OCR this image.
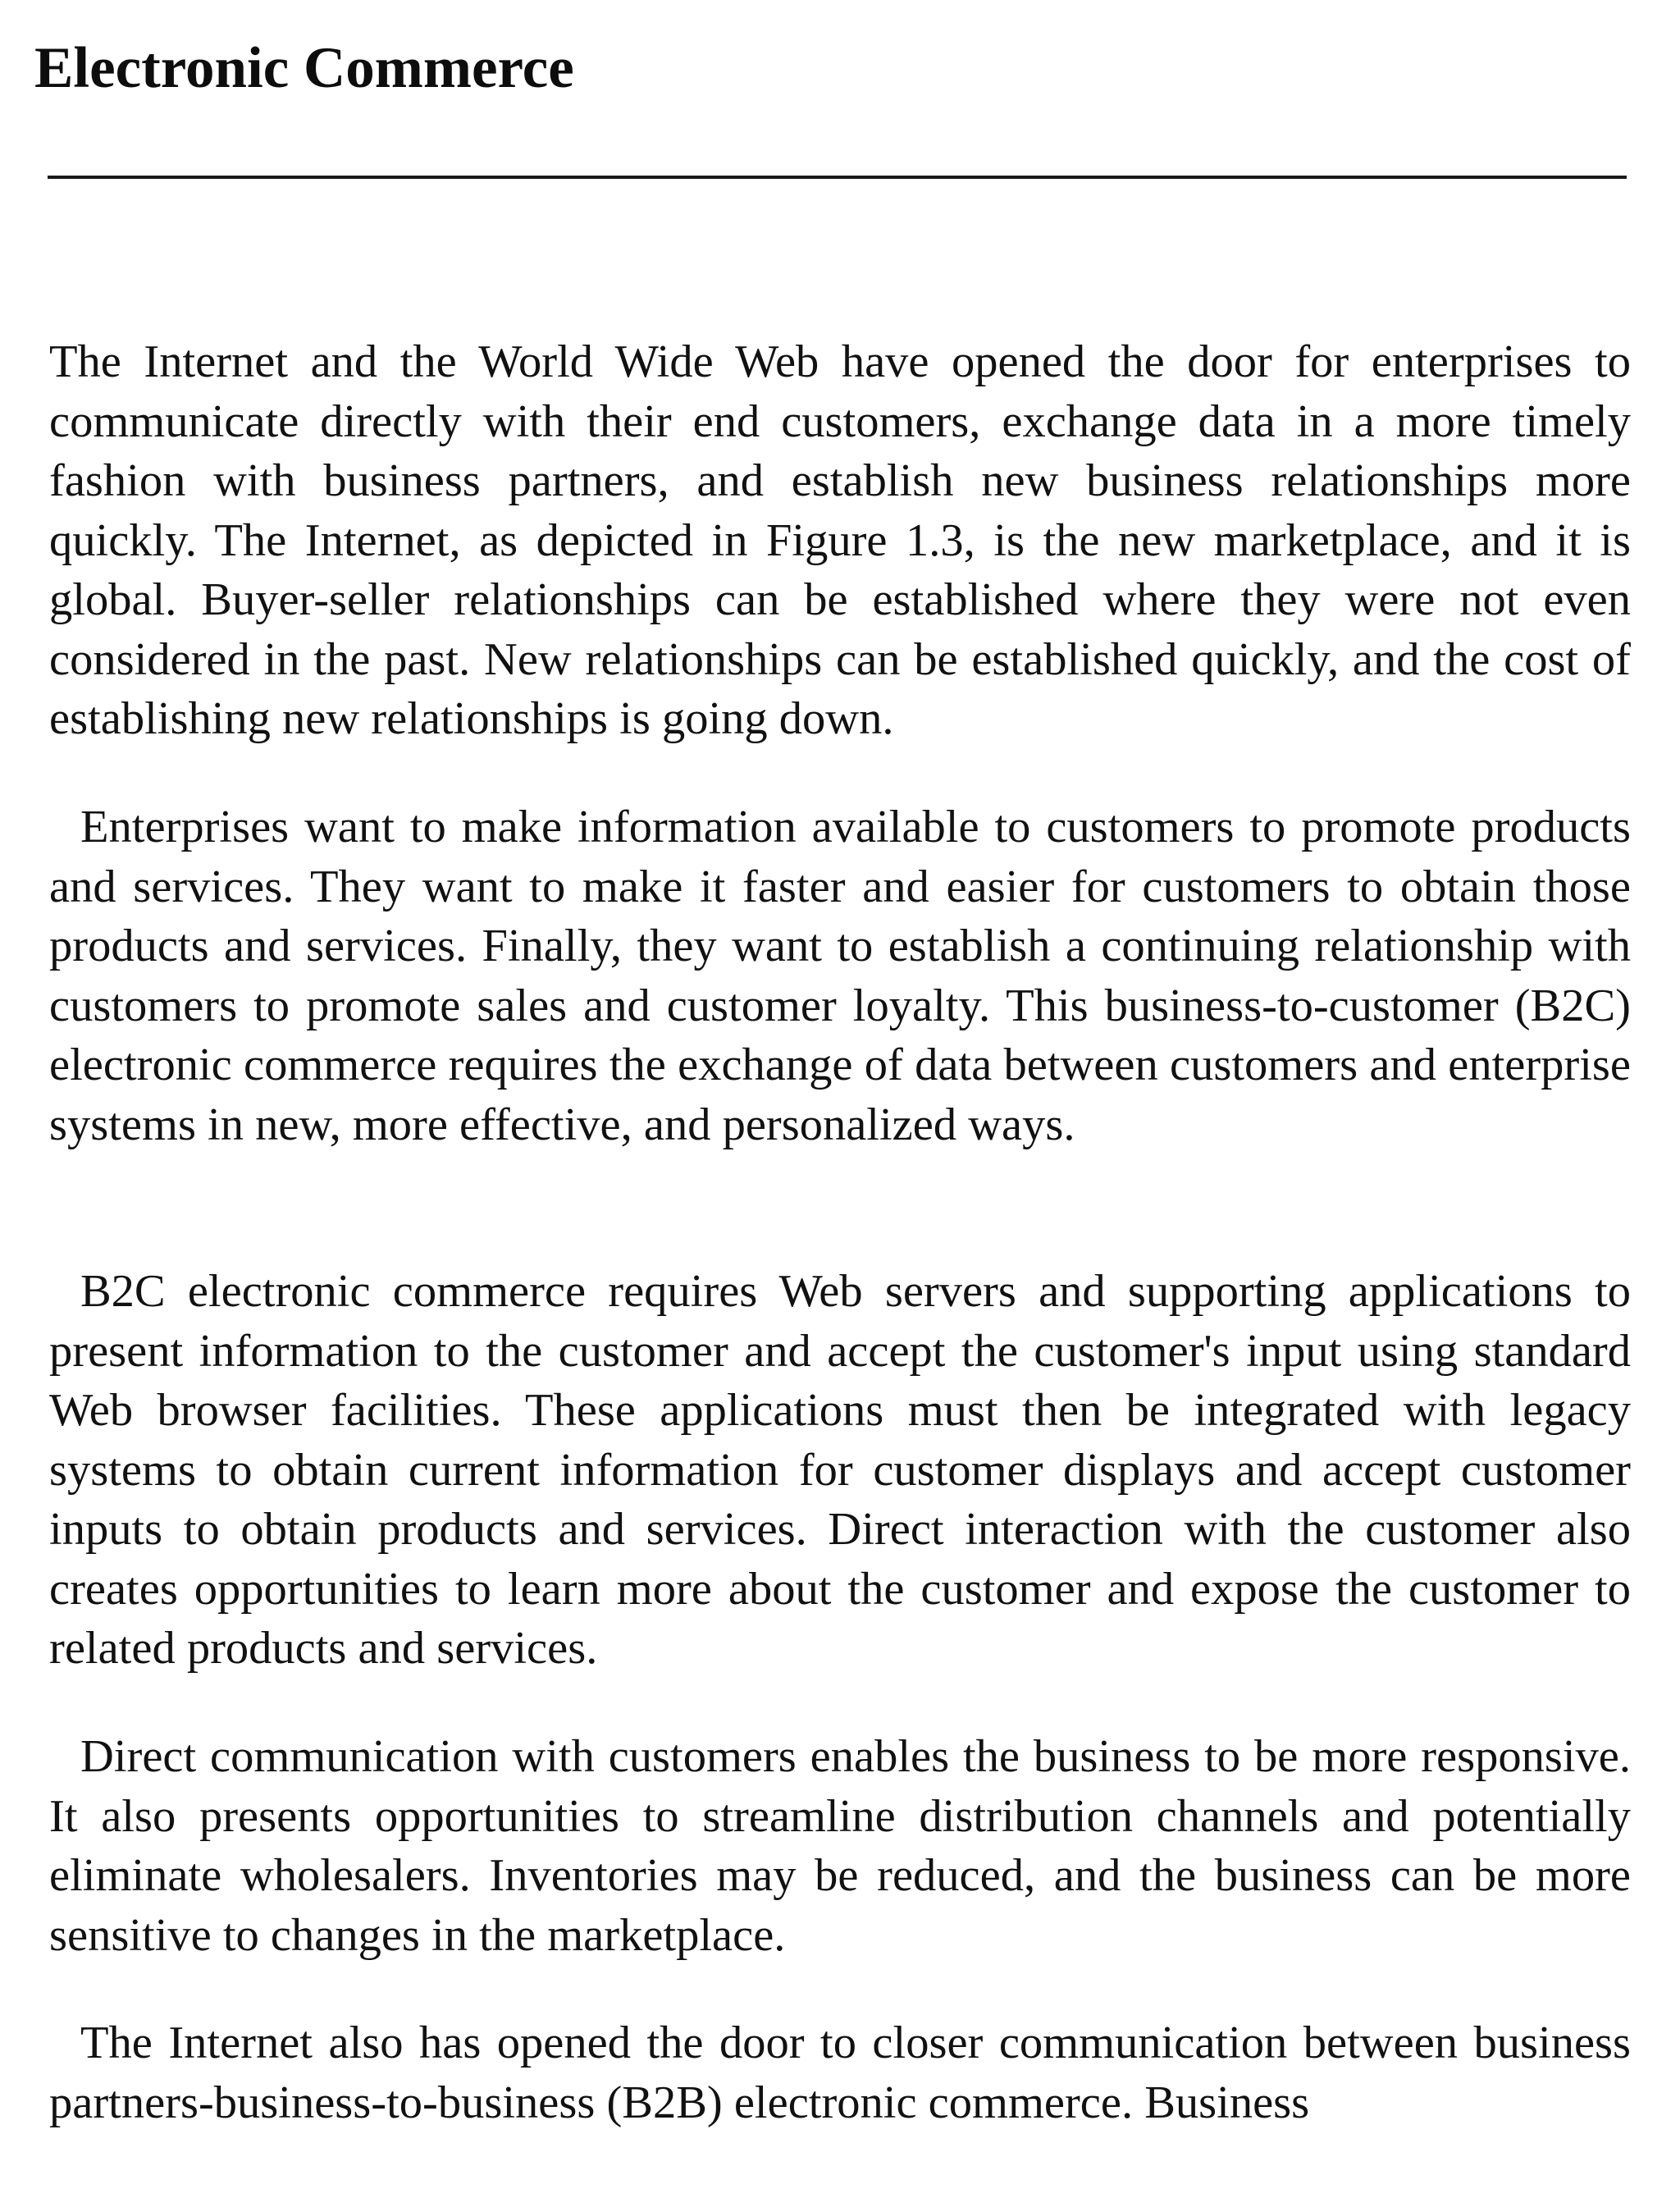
Electronic Commerce

The Internet and the World Wide Web have opened the door for enterprises to communicate directly with their end customers, exchange data in a more timely fashion with business partners, and establish new business relationships more quickly. The Internet, as depicted in Figure 1.3, is the new marketplace, and it is global. Buyer-seller relationships can be established where they were not even considered in the past. New relationships can be established quickly, and the cost of establishing new relationships is going down.

Enterprises want to make information available to customers to promote products and services. They want to make it faster and easier for customers to obtain those products and services. Finally, they want to establish a continuing relationship with customers to promote sales and customer loyalty. This business-to-customer (B2C) electronic commerce requires the exchange of data between customers and enterprise systems in new, more effective, and personalized ways.

B2C electronic commerce requires Web servers and supporting applications to present information to the customer and accept the customer's input using standard Web browser facilities. These applications must then be integrated with legacy systems to obtain current information for customer displays and accept customer inputs to obtain products and services. Direct interaction with the customer also creates opportunities to learn more about the customer and expose the customer to related products and services.

Direct communication with customers enables the business to be more responsive. It also presents opportunities to streamline distribution channels and potentially eliminate wholesalers. Inventories may be reduced, and the business can be more sensitive to changes in the marketplace.

The Internet also has opened the door to closer communication between business partners-business-to-business (B2B) electronic commerce. Business
